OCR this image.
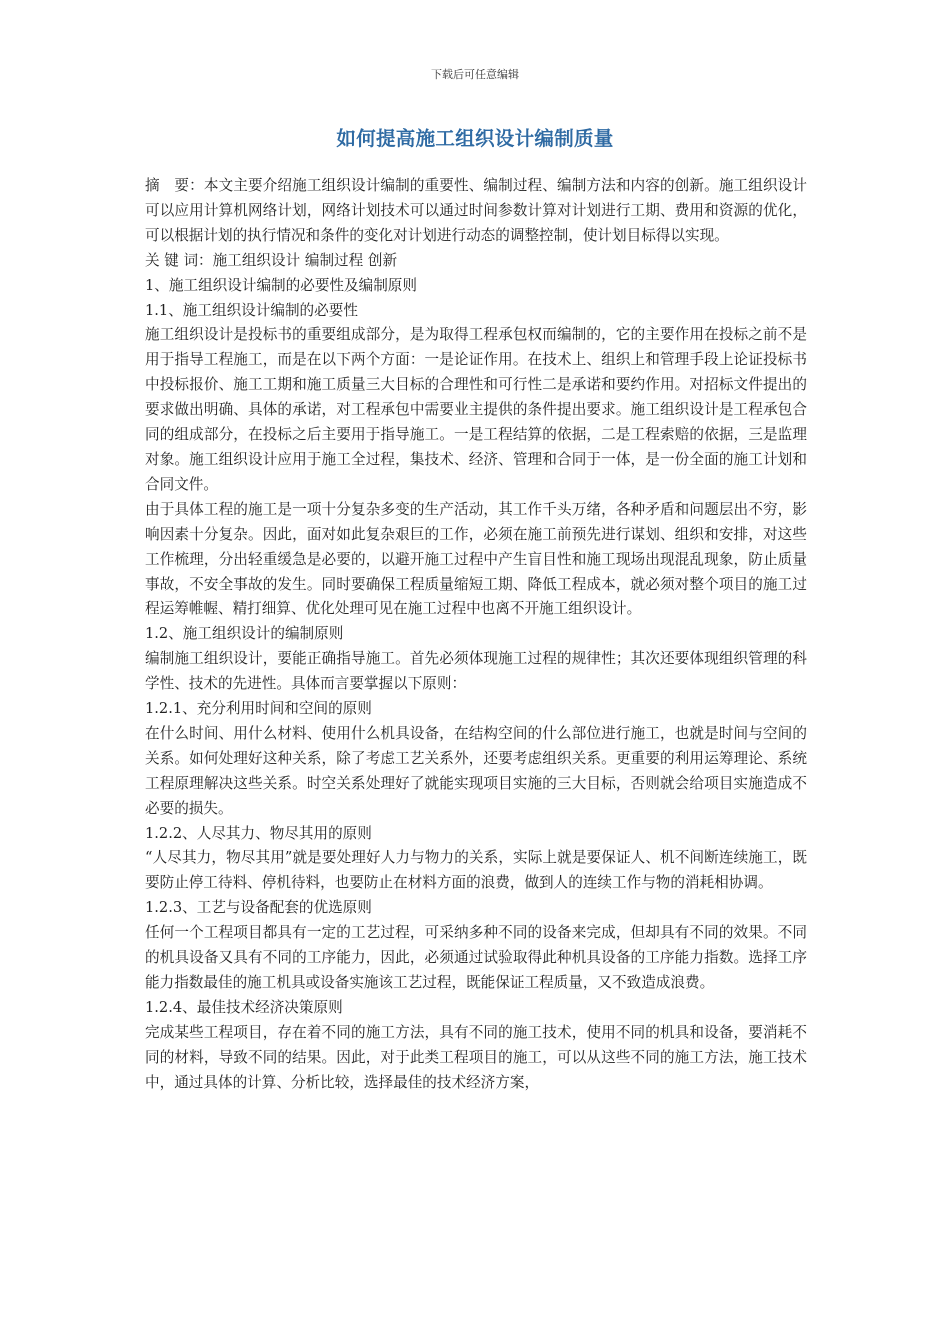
下载后可任意编辑
如何提高施工组织设计编制质量

摘　要：本文主要介绍施工组织设计编制的重要性、编制过程、编制方法和内容的创新。施工组织设计可以应用计算机网络计划，网络计划技术可以通过时间参数计算对计划进行工期、费用和资源的优化，可以根据计划的执行情况和条件的变化对计划进行动态的调整控制，使计划目标得以实现。

关 键 词：施工组织设计 编制过程 创新

1、施工组织设计编制的必要性及编制原则

1.1、施工组织设计编制的必要性

施工组织设计是投标书的重要组成部分，是为取得工程承包权而编制的，它的主要作用在投标之前不是用于指导工程施工，而是在以下两个方面：一是论证作用。在技术上、组织上和管理手段上论证投标书中投标报价、施工工期和施工质量三大目标的合理性和可行性二是承诺和要约作用。对招标文件提出的要求做出明确、具体的承诺，对工程承包中需要业主提供的条件提出要求。施工组织设计是工程承包合同的组成部分，在投标之后主要用于指导施工。一是工程结算的依据，二是工程索赔的依据，三是监理对象。施工组织设计应用于施工全过程，集技术、经济、管理和合同于一体，是一份全面的施工计划和合同文件。

由于具体工程的施工是一项十分复杂多变的生产活动，其工作千头万绪，各种矛盾和问题层出不穷，影响因素十分复杂。因此，面对如此复杂艰巨的工作，必须在施工前预先进行谋划、组织和安排，对这些工作梳理，分出轻重缓急是必要的，以避开施工过程中产生盲目性和施工现场出现混乱现象，防止质量事故，不安全事故的发生。同时要确保工程质量缩短工期、降低工程成本，就必须对整个项目的施工过程运筹帷幄、精打细算、优化处理可见在施工过程中也离不开施工组织设计。

1.2、施工组织设计的编制原则

编制施工组织设计，要能正确指导施工。首先必须体现施工过程的规律性；其次还要体现组织管理的科学性、技术的先进性。具体而言要掌握以下原则：

1.2.1、充分利用时间和空间的原则

在什么时间、用什么材料、使用什么机具设备，在结构空间的什么部位进行施工，也就是时间与空间的关系。如何处理好这种关系，除了考虑工艺关系外，还要考虑组织关系。更重要的利用运筹理论、系统工程原理解决这些关系。时空关系处理好了就能实现项目实施的三大目标，否则就会给项目实施造成不必要的损失。

1.2.2、人尽其力、物尽其用的原则

“人尽其力，物尽其用”就是要处理好人力与物力的关系，实际上就是要保证人、机不间断连续施工，既要防止停工待料、停机待料，也要防止在材料方面的浪费，做到人的连续工作与物的消耗相协调。

1.2.3、工艺与设备配套的优选原则

任何一个工程项目都具有一定的工艺过程，可采纳多种不同的设备来完成，但却具有不同的效果。不同的机具设备又具有不同的工序能力，因此，必须通过试验取得此种机具设备的工序能力指数。选择工序能力指数最佳的施工机具或设备实施该工艺过程，既能保证工程质量，又不致造成浪费。

1.2.4、最佳技术经济决策原则

完成某些工程项目，存在着不同的施工方法，具有不同的施工技术，使用不同的机具和设备，要消耗不同的材料，导致不同的结果。因此，对于此类工程项目的施工，可以从这些不同的施工方法，施工技术中，通过具体的计算、分析比较，选择最佳的技术经济方案，
